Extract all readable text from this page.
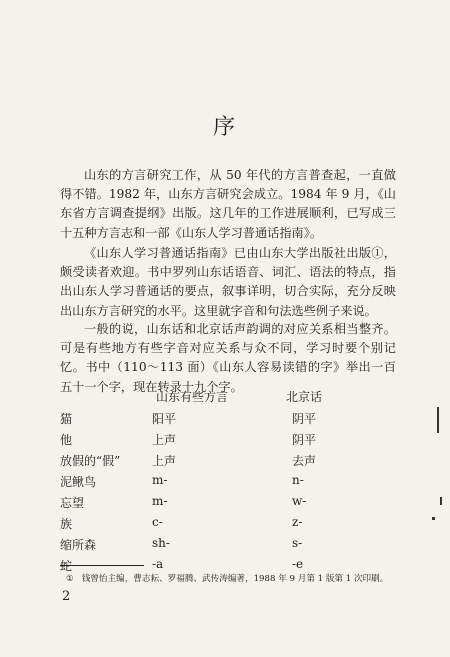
序

山东的方言研究工作，从 50 年代的方言普查起，一直做得不错。1982 年，山东方言研究会成立。1984 年 9 月，《山东省方言调查提纲》出版。这几年的工作进展顺利，已写成三十五种方言志和一部《山东人学习普通话指南》。

《山东人学习普通话指南》已由山东大学出版社出版①，颇受读者欢迎。书中罗列山东话语音、词汇、语法的特点，指出山东人学习普通话的要点，叙事详明，切合实际，充分反映出山东方言研究的水平。这里就字音和句法选些例子来说。

一般的说，山东话和北京话声韵调的对应关系相当整齐。可是有些地方有些字音对应关系与众不同，学习时要个别记忆。书中（110～113 面）《山东人容易读错的字》举出一百五十一个字，现在转录十九个字。

山东有些方言	北京话
猫	阳平	阴平
他	上声	阴平
放假的“假”	上声	去声
泥鳅鸟	m-	n-
忘望	m-	w-
族	c-	z-
缩所森	sh-	s-
蛇	-a	-e
① 钱曾怡主编，曹志耘、罗福腾、武传涛编著，1988 年 9 月第 1 版第 1 次印刷。
2
